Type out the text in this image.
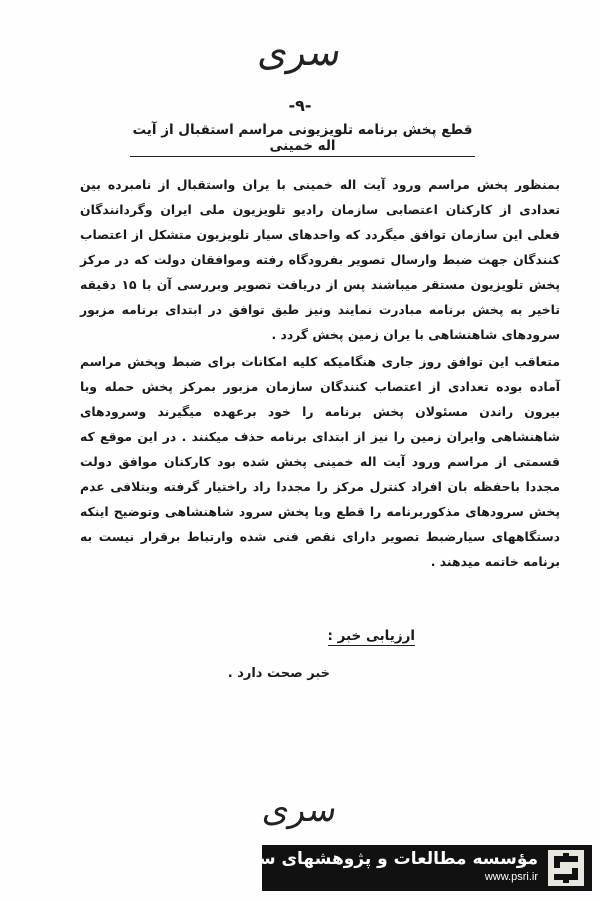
سری
-۹-
قطع پخش برنامه تلویزیونی مراسم استقبال از آیت اله خمینی

بمنظور پخش مراسم ورود آیت اله خمینی با یران واستقبال از نامبرده بین تعدادی از کارکنان اعتصابی سازمان رادیو تلویزیون ملی ایران وگردانندگان فعلی این سازمان توافق میگردد که واحدهای سیار تلویزیون متشکل از اعتصاب کنندگان جهت ضبط وارسال تصویر بفرودگاه رفته وموافقان دولت که در مرکز پخش تلویزیون مستقر میباشند پس از دریافت تصویر وبررسی آن با ۱۵ دقیقه تاخیر به پخش برنامه مبادرت نمایند ونیز طبق توافق در ابتدای برنامه مزبور سرودهای شاهنشاهی با یران زمین پخش گردد .

متعاقب این توافق روز جاری هنگامیکه کلیه امکانات برای ضبط وپخش مراسم آماده بوده تعدادی از اعتصاب کنندگان سازمان مزبور بمرکز پخش حمله وبا بیرون راندن مسئولان پخش برنامه را خود برعهده میگیرند وسرودهای شاهنشاهی وایران زمین را نیز از ابتدای برنامه حذف میکنند . در این موقع که قسمتی از مراسم ورود آیت اله خمینی پخش شده بود کارکنان موافق دولت مجددا باحفظه بان افراد کنترل مرکز را مجددا راد راختیار گرفته وبتلافی عدم پخش سرودهای مذکوربرنامه را قطع وبا پخش سرود شاهنشاهی وتوضیح اینکه دستگاههای سیارضبط تصویر دارای نقص فنی شده وارتباط برقرار نیست به برنامه خاتمه میدهند .

ارزیابی خبر :
خبر صحت دارد .
سری
مؤسسه مطالعات و پژوهشهای سیاسی
www.psri.ir
